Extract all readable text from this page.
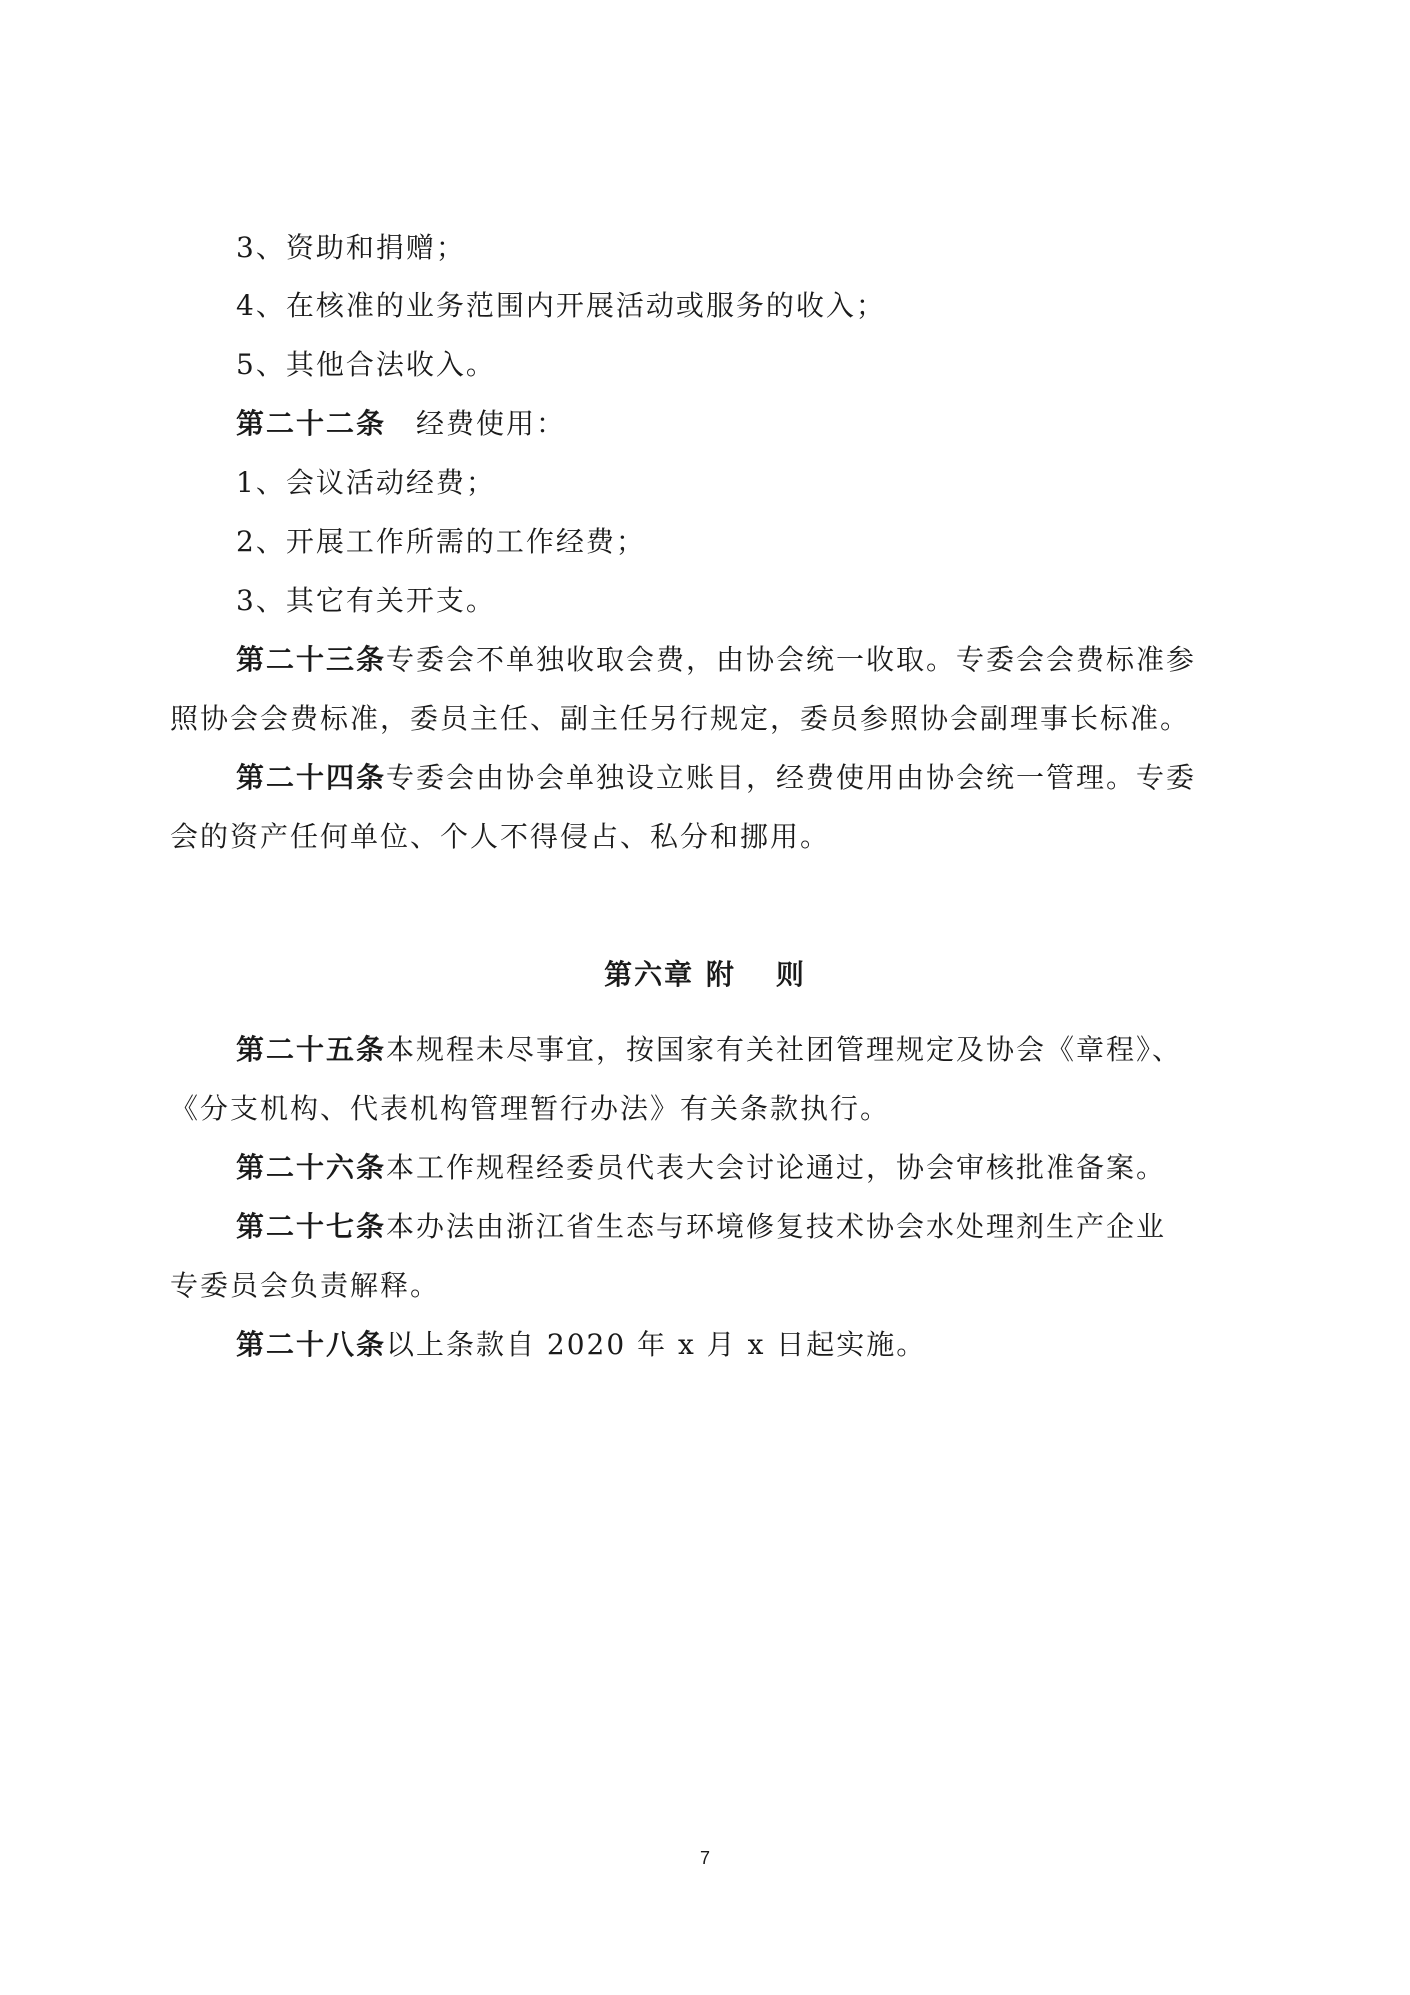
3、资助和捐赠；
4、在核准的业务范围内开展活动或服务的收入；
5、其他合法收入。
第二十二条　经费使用：
1、会议活动经费；
2、开展工作所需的工作经费；
3、其它有关开支。
第二十三条专委会不单独收取会费，由协会统一收取。专委会会费标准参
照协会会费标准，委员主任、副主任另行规定，委员参照协会副理事长标准。
第二十四条专委会由协会单独设立账目，经费使用由协会统一管理。专委
会的资产任何单位、个人不得侵占、私分和挪用。
第六章 附 则
第二十五条本规程未尽事宜，按国家有关社团管理规定及协会《章程》、
《分支机构、代表机构管理暂行办法》有关条款执行。
第二十六条本工作规程经委员代表大会讨论通过，协会审核批准备案。
第二十七条本办法由浙江省生态与环境修复技术协会水处理剂生产企业
专委员会负责解释。
第二十八条以上条款自 2020 年 x 月 x 日起实施。
7
